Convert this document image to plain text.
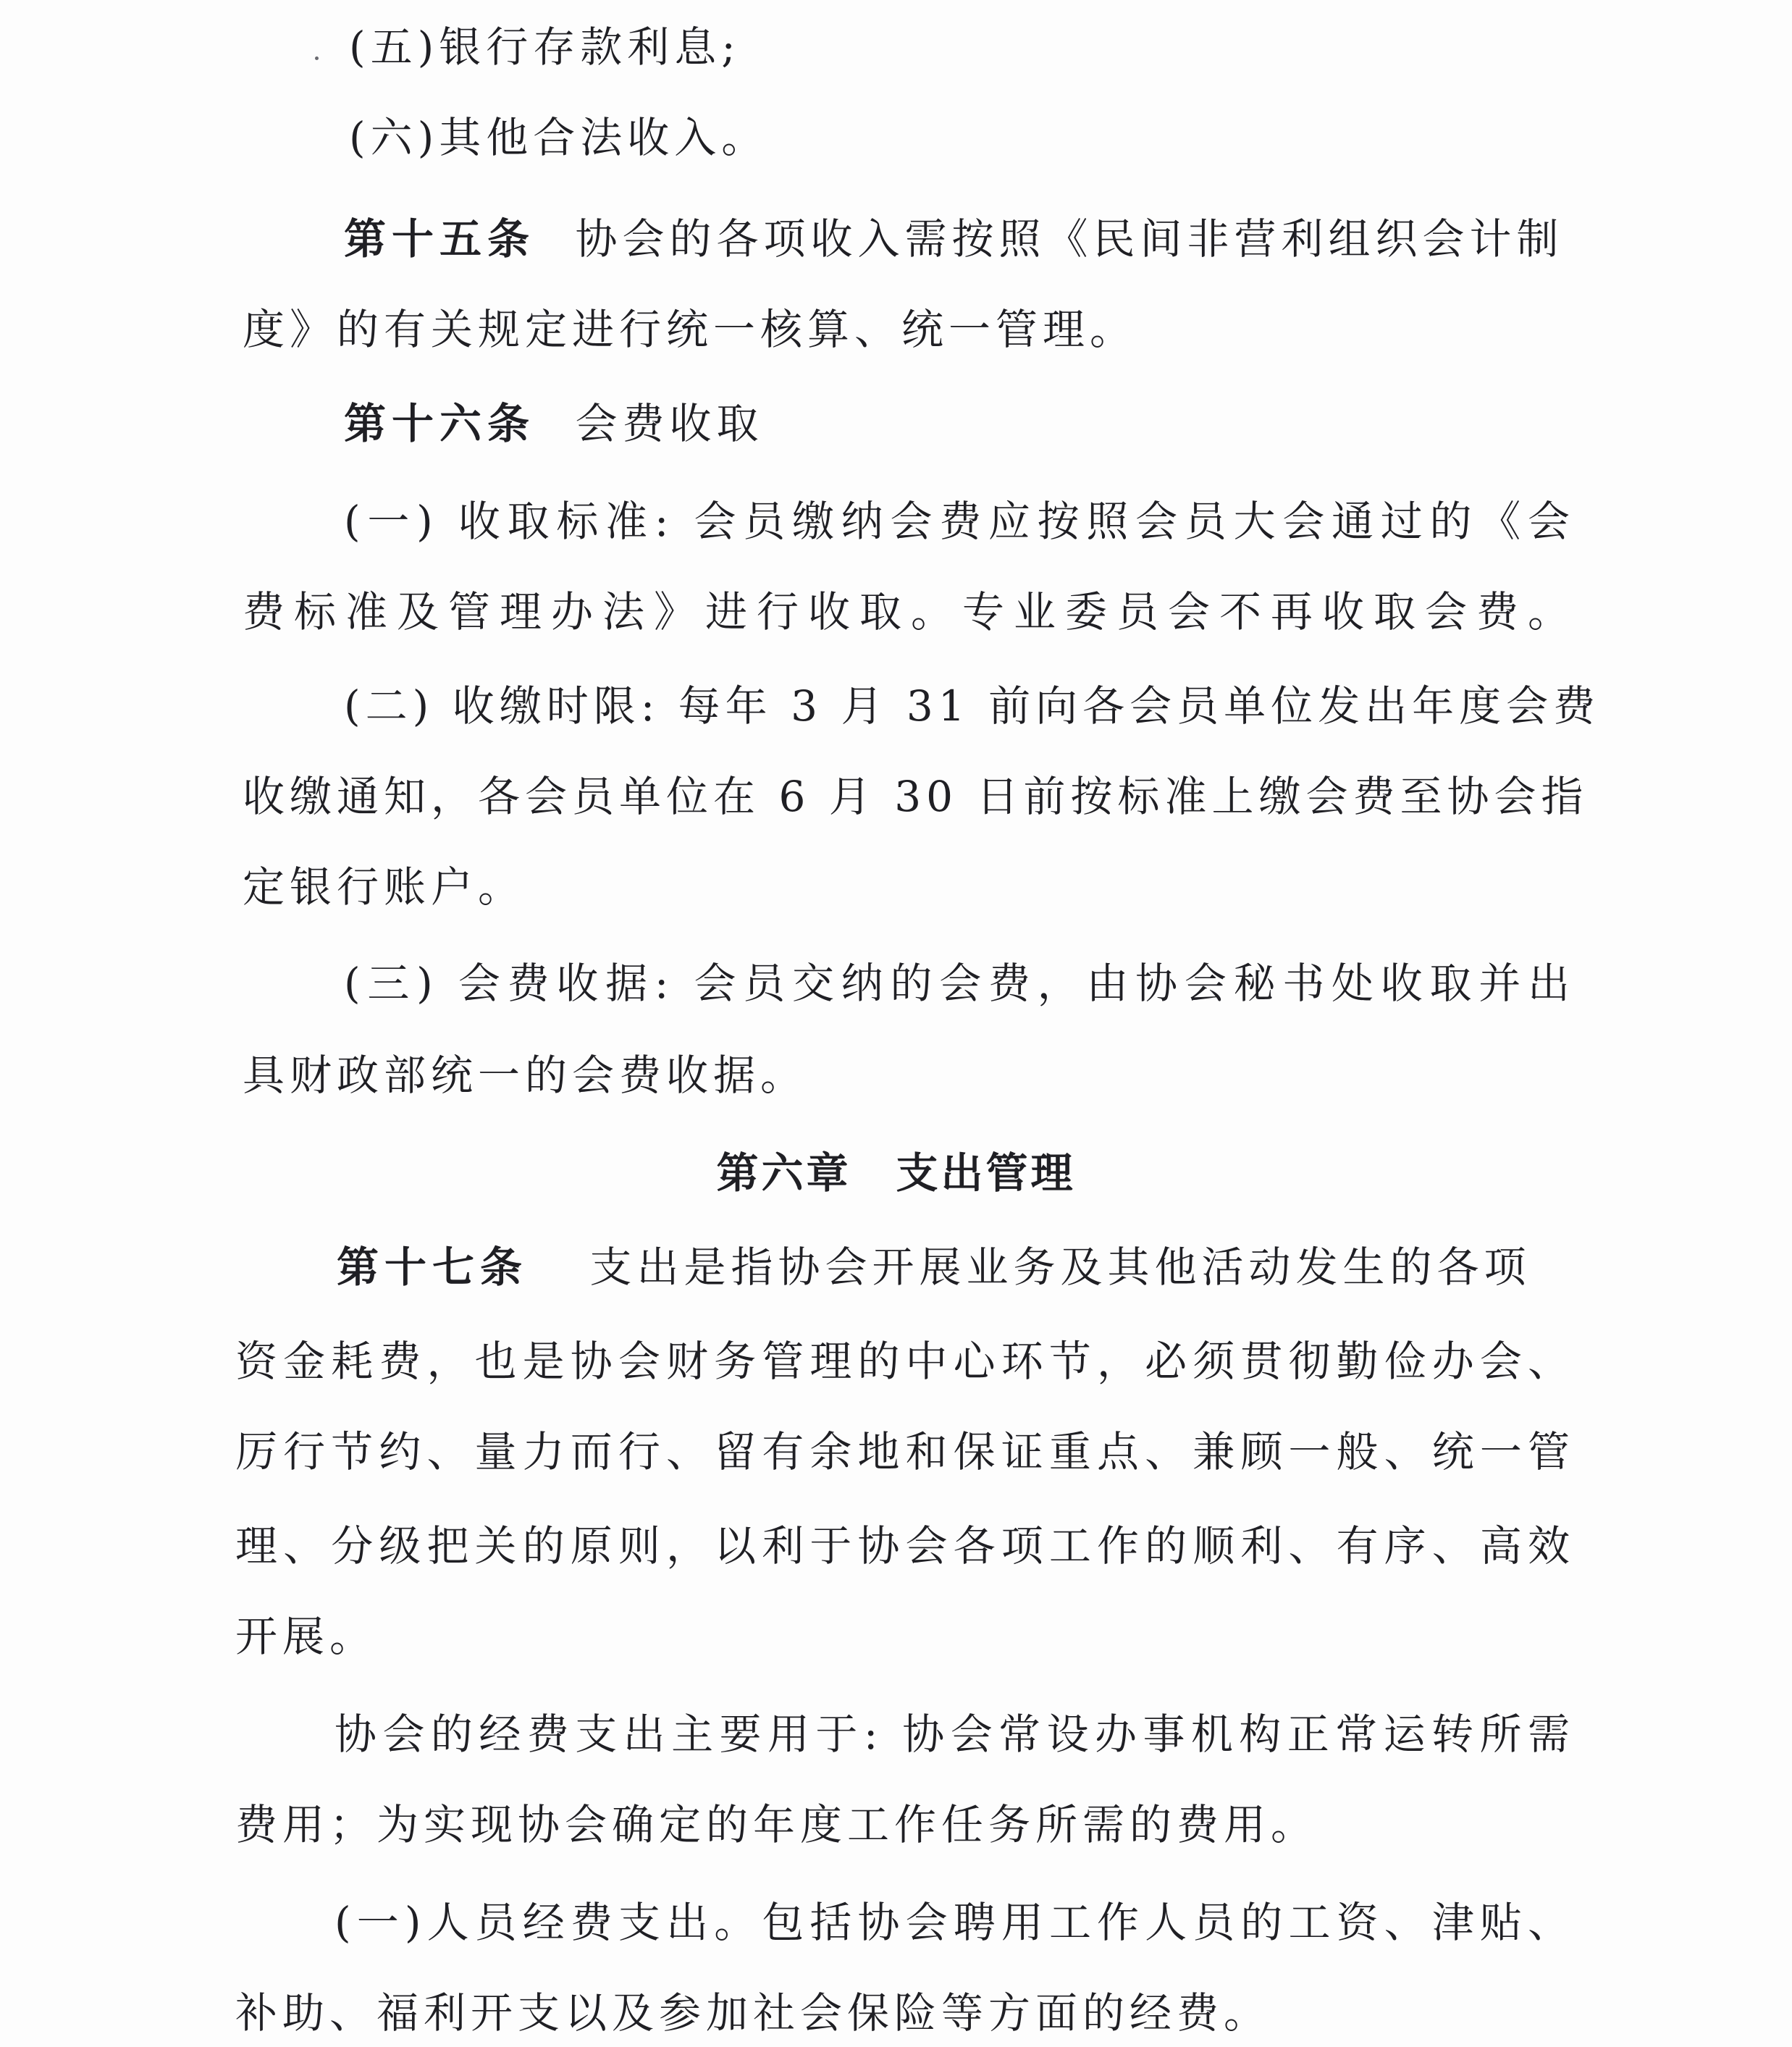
(五)银行存款利息;
(六)其他合法收入。
第十五条 协会的各项收入需按照《民间非营利组织会计制
度》的有关规定进行统一核算、统一管理。
第十六条 会费收取
(一) 收取标准: 会员缴纳会费应按照会员大会通过的《会
费标准及管理办法》进行收取。专业委员会不再收取会费。
(二) 收缴时限: 每年 3 月 31 前向各会员单位发出年度会费
收缴通知，各会员单位在 6 月 30 日前按标准上缴会费至协会指
定银行账户。
(三) 会费收据: 会员交纳的会费，由协会秘书处收取并出
具财政部统一的会费收据。
第六章　支出管理
第十七条 支出是指协会开展业务及其他活动发生的各项
资金耗费，也是协会财务管理的中心环节，必须贯彻勤俭办会、
厉行节约、量力而行、留有余地和保证重点、兼顾一般、统一管
理、分级把关的原则，以利于协会各项工作的顺利、有序、高效
开展。
协会的经费支出主要用于: 协会常设办事机构正常运转所需
费用；为实现协会确定的年度工作任务所需的费用。
(一)人员经费支出。包括协会聘用工作人员的工资、津贴、
补助、福利开支以及参加社会保险等方面的经费。
